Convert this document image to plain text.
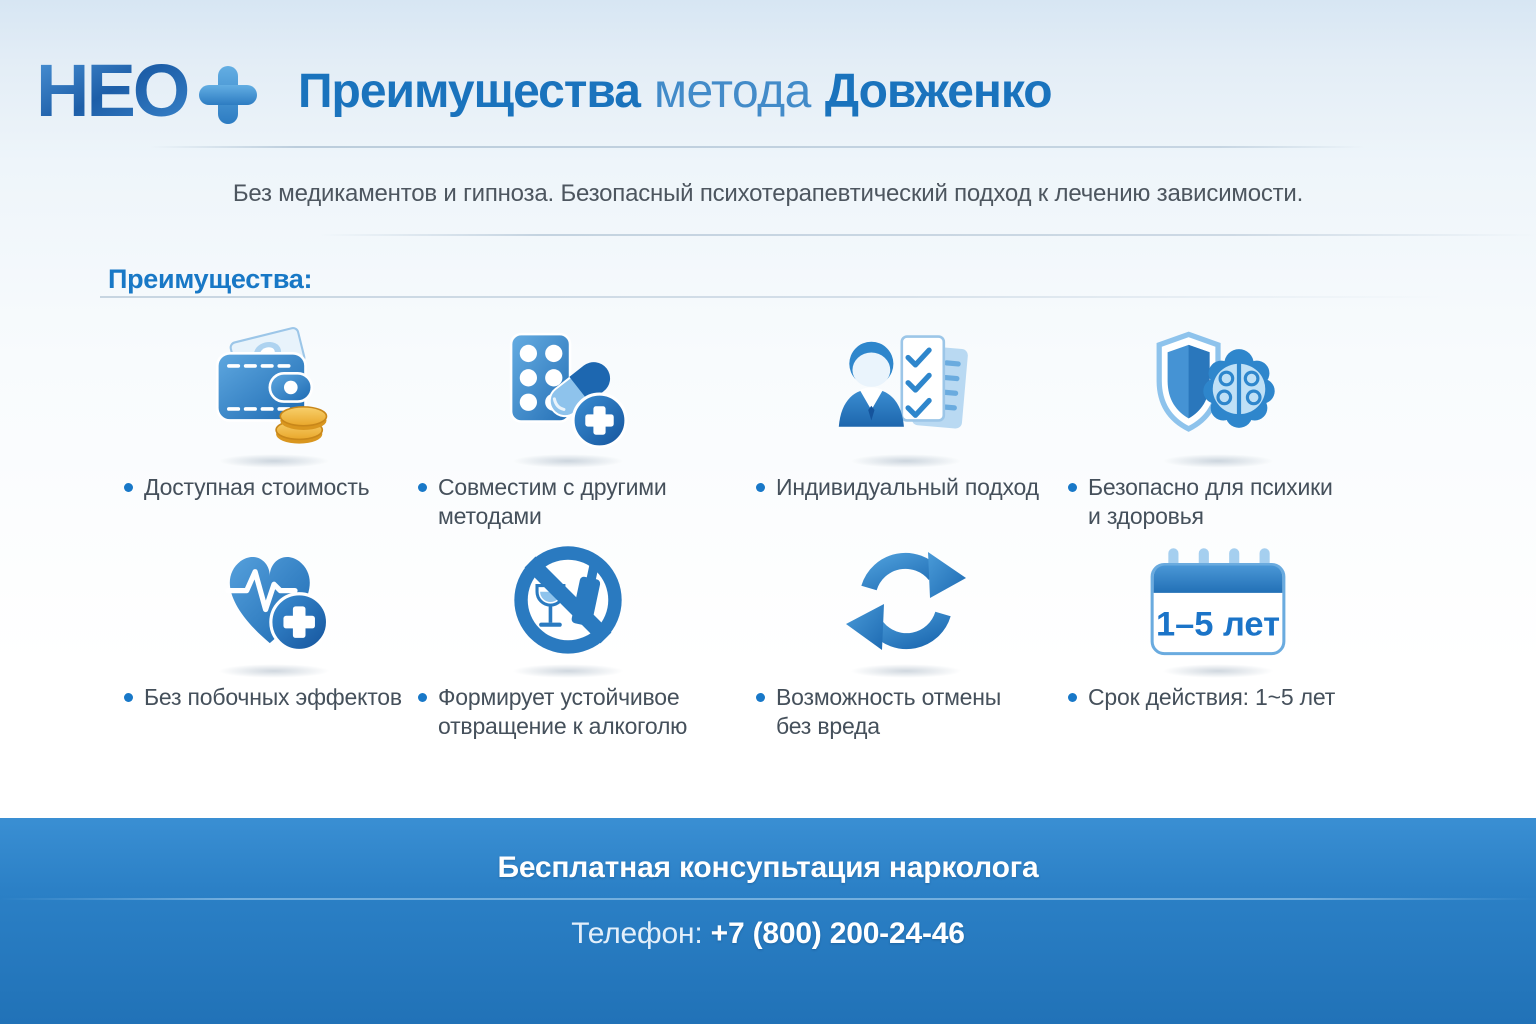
НЕО Преимущества метода Довженко
Без медикаментов и гипноза. Безопасный психотерапевтический подход к лечению зависимости.
Преимущества:
Доступная стоимость	Совместим с другими методами
Индивидуальный подход Безопасно для психики
и здоровья
Без побочных эффектов Формирует устойчивое
отвращение к алкоголю
Возможность отмены
без вреда
1–5 лет
Срок действия: 1~5 лет
Бесплатная консупьтация нарколога
Телефон: +7 (800) 200-24-46
